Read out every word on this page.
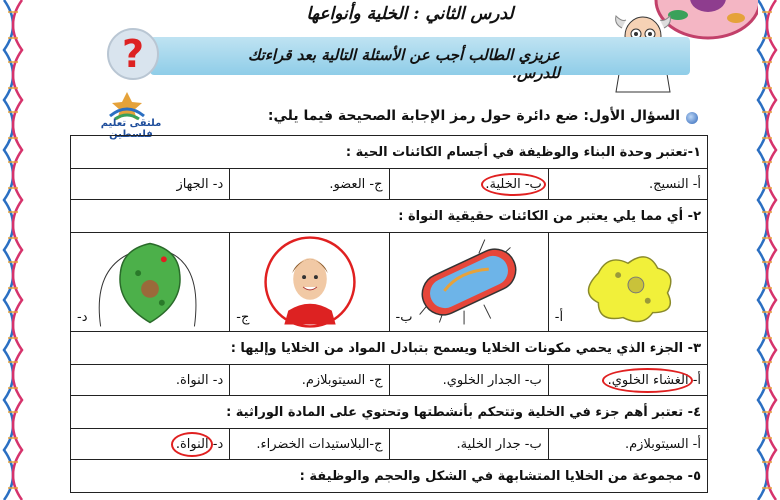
لدرس الثاني : الخلية وأنواعها
عزيزي الطالب أجب عن الأسئلة التالية بعد قراءتك للدرس.
?
ملتقى تعليم فلسطين
السؤال الأول: ضع دائرة حول رمز الإجابة الصحيحة فيما يلي:
١-تعتبر وحدة البناء والوظيفة في أجسام الكائنات الحية :			
أ- النسيج.	ب- الخلية.	ج- العضو.	د- الجهاز
٢- أي مما يلي يعتبر من الكائنات حقيقية النواة :			

أ-	ب-	ج-	د-

٣- الجزء الذي يحمي مكونات الخلايا ويسمح بتبادل المواد من الخلايا وإليها :			
أ- الغشاء الخلوي.	ب- الجدار الخلوي.	ج- السيتوبلازم.	د- النواة.
٤- تعتبر أهم جزء في الخلية وتتحكم بأنشطتها وتحتوي على المادة الوراثية :			
أ- السيتوبلازم.	ب- جدار الخلية.	ج-البلاستيدات الخضراء.	د- النواة.

٥- مجموعة من الخلايا المتشابهة في الشكل والحجم والوظيفة :			
